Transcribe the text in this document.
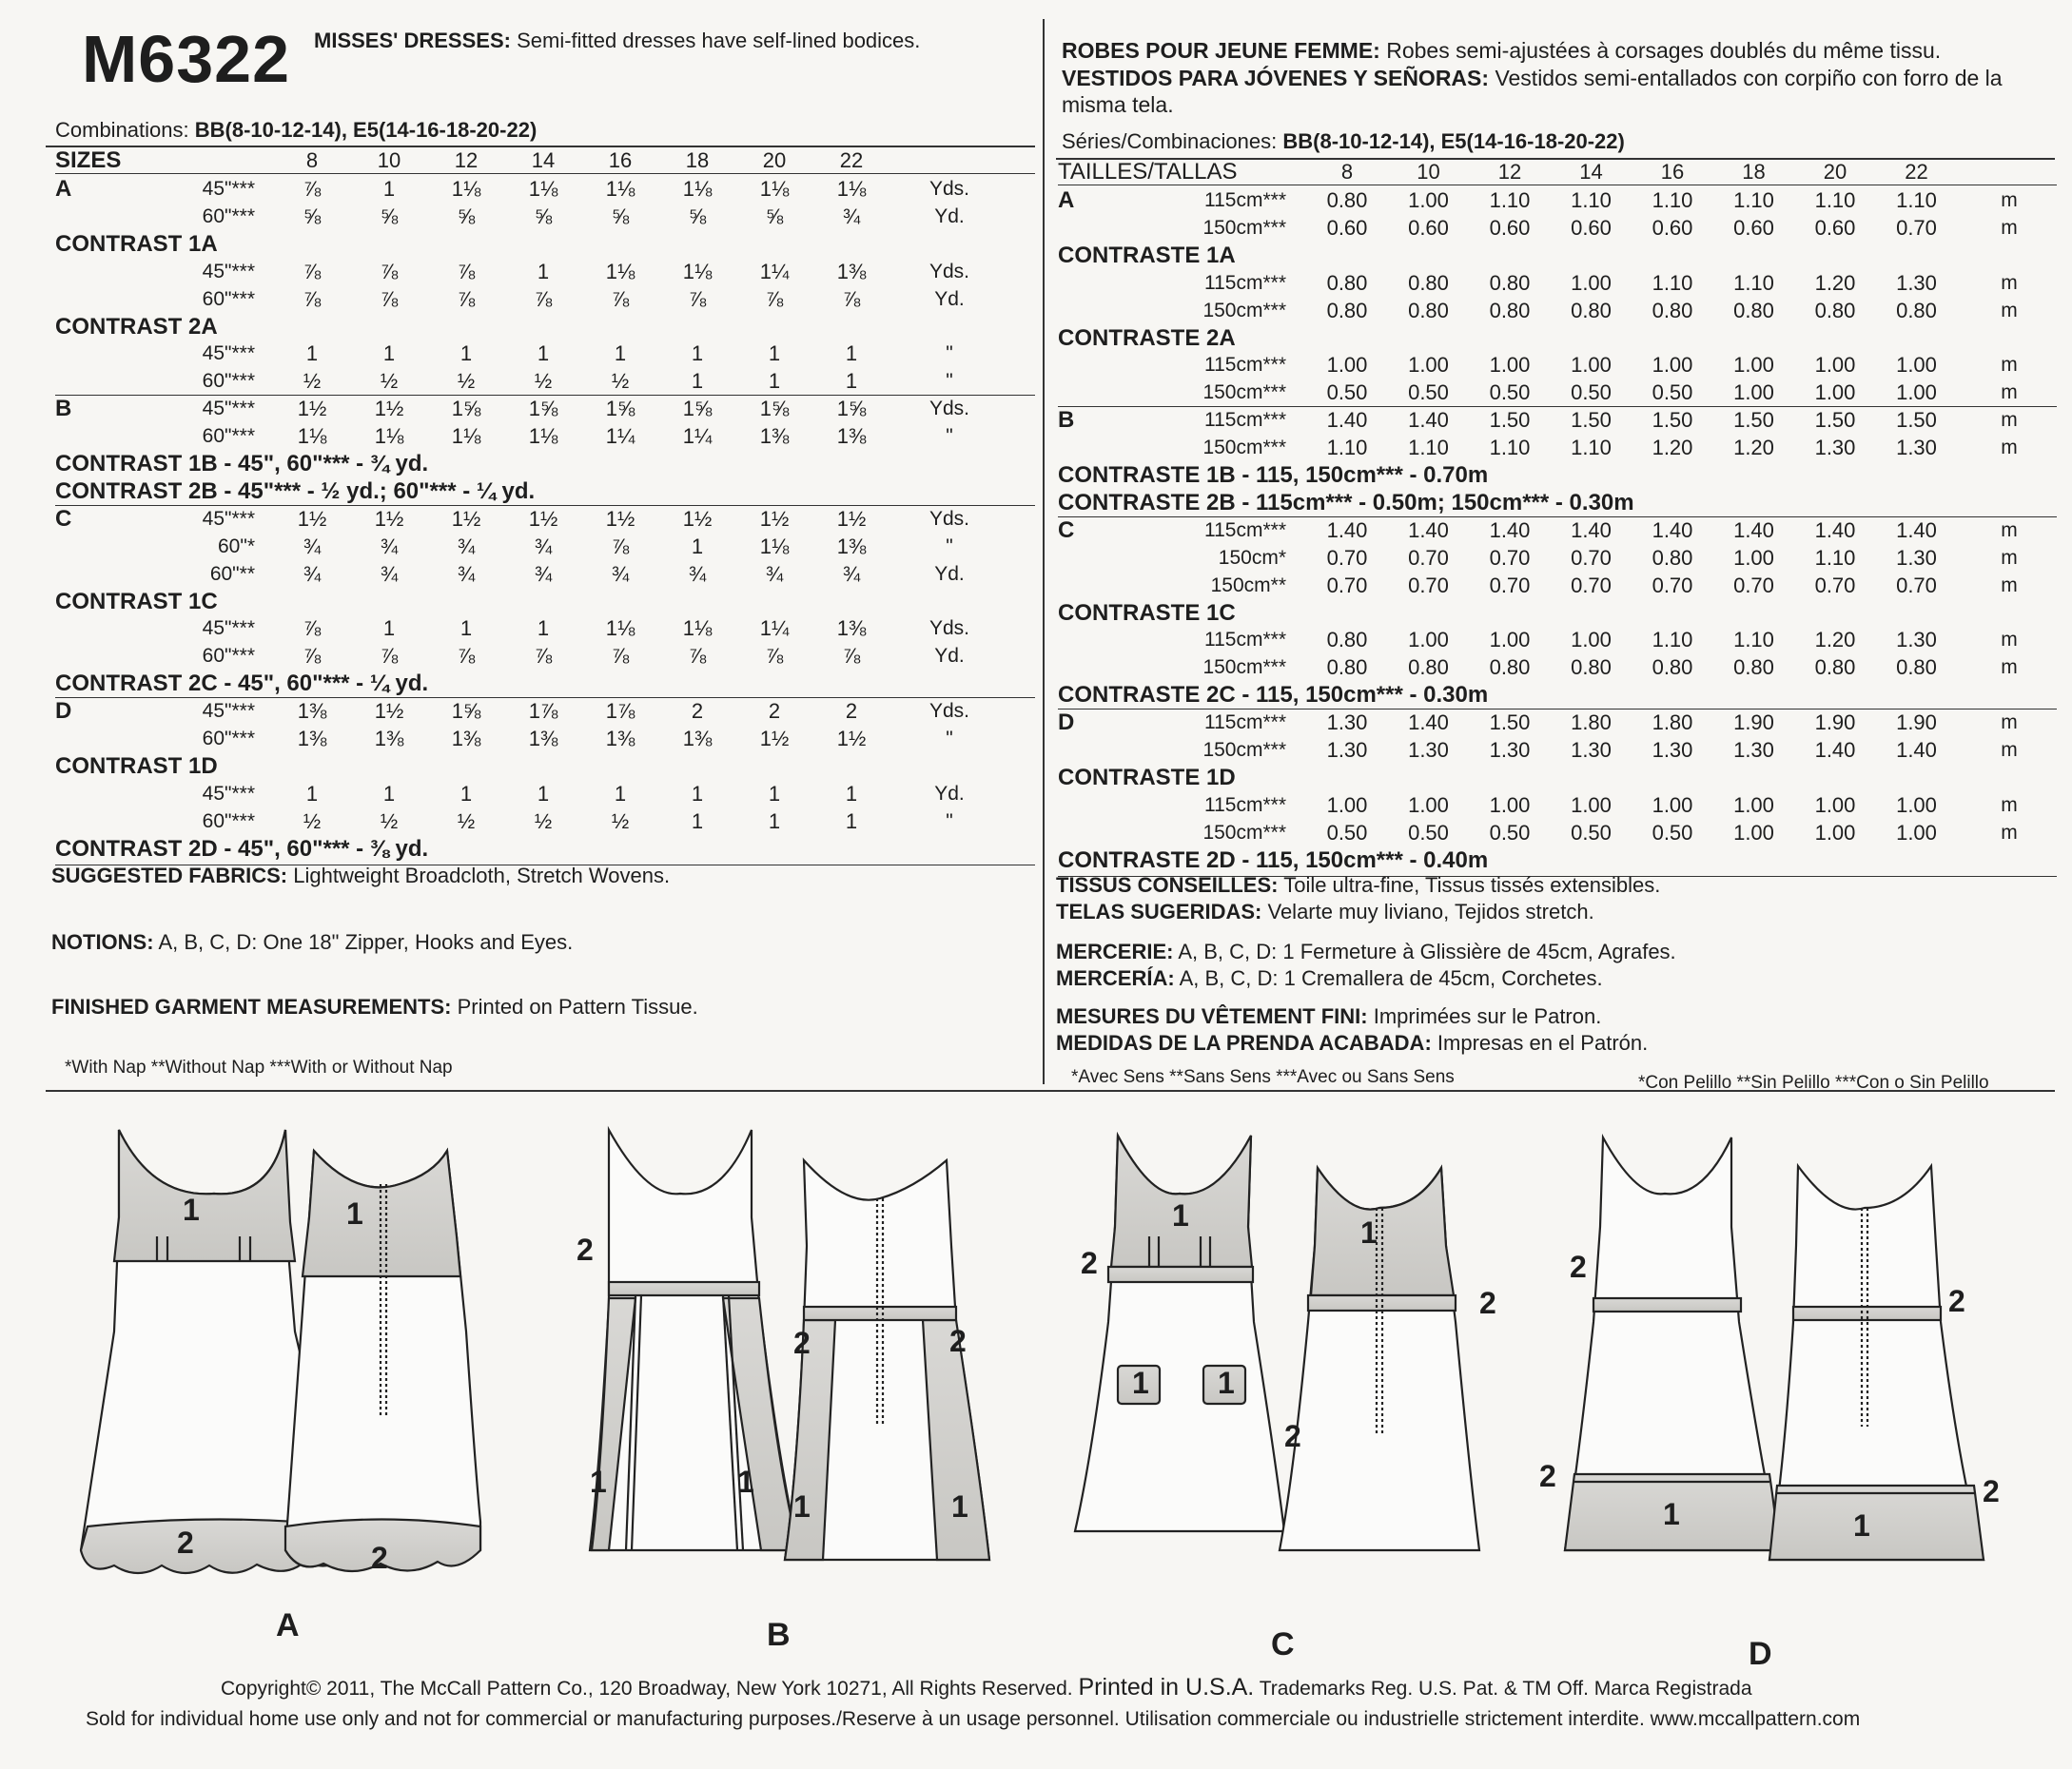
M6322 MISSES' DRESSES: Semi-fitted dresses have self-lined bodices.
Combinations: BB(8-10-12-14), E5(14-16-18-20-22)
ROBES POUR JEUNE FEMME: Robes semi-ajustées à corsages doublés du même tissu.
VESTIDOS PARA JÓVENES Y SEÑORAS: Vestidos semi-entallados con corpiño con forro de la misma tela.
Séries/Combinaciones: BB(8-10-12-14), E5(14-16-18-20-22)
SIZES	8	10	12	14	16	18	20	22
A	45"***	⅞	1	1⅛	1⅛	1⅛	1⅛	1⅛	1⅛	Yds.
60"***	⅝	⅝	⅝	⅝	⅝	⅝	⅝	¾	Yd.
CONTRAST 1A
45"***	⅞	⅞	⅞	1	1⅛	1⅛	1¼	1⅜	Yds.
60"***	⅞	⅞	⅞	⅞	⅞	⅞	⅞	⅞	Yd.
CONTRAST 2A
45"***	1	1	1	1	1	1	1	1	"
60"***	½	½	½	½	½	1	1	1	"
B	45"***	1½	1½	1⅝	1⅝	1⅝	1⅝	1⅝	1⅝	Yds.
60"***	1⅛	1⅛	1⅛	1⅛	1¼	1¼	1⅜	1⅜	"
CONTRAST 1B - 45", 60"*** - ¾ yd.
CONTRAST 2B - 45"*** - ½ yd.; 60"*** - ¼ yd.
C	45"***	1½	1½	1½	1½	1½	1½	1½	1½	Yds.
60"*	¾	¾	¾	¾	⅞	1	1⅛	1⅜	"
60"**	¾	¾	¾	¾	¾	¾	¾	¾	Yd.
CONTRAST 1C
45"***	⅞	1	1	1	1⅛	1⅛	1¼	1⅜	Yds.
60"***	⅞	⅞	⅞	⅞	⅞	⅞	⅞	⅞	Yd.
CONTRAST 2C - 45", 60"*** - ¼ yd.
D	45"***	1⅜	1½	1⅝	1⅞	1⅞	2	2	2	Yds.
60"***	1⅜	1⅜	1⅜	1⅜	1⅜	1⅜	1½	1½	"
CONTRAST 1D
45"***	1	1	1	1	1	1	1	1	Yd.
60"***	½	½	½	½	½	1	1	1	"
CONTRAST 2D - 45", 60"*** - ⅜ yd.
TAILLES/TALLAS	8	10	12	14	16	18	20	22
A	115cm***	0.80	1.00	1.10	1.10	1.10	1.10	1.10	1.10	m
150cm***	0.60	0.60	0.60	0.60	0.60	0.60	0.60	0.70	m
CONTRASTE 1A
115cm***	0.80	0.80	0.80	1.00	1.10	1.10	1.20	1.30	m
150cm***	0.80	0.80	0.80	0.80	0.80	0.80	0.80	0.80	m
CONTRASTE 2A
115cm***	1.00	1.00	1.00	1.00	1.00	1.00	1.00	1.00	m
150cm***	0.50	0.50	0.50	0.50	0.50	1.00	1.00	1.00	m
B	115cm***	1.40	1.40	1.50	1.50	1.50	1.50	1.50	1.50	m
150cm***	1.10	1.10	1.10	1.10	1.20	1.20	1.30	1.30	m
CONTRASTE 1B - 115, 150cm*** - 0.70m
CONTRASTE 2B - 115cm*** - 0.50m; 150cm*** - 0.30m
C	115cm***	1.40	1.40	1.40	1.40	1.40	1.40	1.40	1.40	m
150cm*	0.70	0.70	0.70	0.70	0.80	1.00	1.10	1.30	m
150cm**	0.70	0.70	0.70	0.70	0.70	0.70	0.70	0.70	m
CONTRASTE 1C
115cm***	0.80	1.00	1.00	1.00	1.10	1.10	1.20	1.30	m
150cm***	0.80	0.80	0.80	0.80	0.80	0.80	0.80	0.80	m
CONTRASTE 2C - 115, 150cm*** - 0.30m
D	115cm***	1.30	1.40	1.50	1.80	1.80	1.90	1.90	1.90	m
150cm***	1.30	1.30	1.30	1.30	1.30	1.30	1.40	1.40	m
CONTRASTE 1D
115cm***	1.00	1.00	1.00	1.00	1.00	1.00	1.00	1.00	m
150cm***	0.50	0.50	0.50	0.50	0.50	1.00	1.00	1.00	m
CONTRASTE 2D - 115, 150cm*** - 0.40m
SUGGESTED FABRICS: Lightweight Broadcloth, Stretch Wovens.
NOTIONS: A, B, C, D: One 18" Zipper, Hooks and Eyes.
FINISHED GARMENT MEASUREMENTS: Printed on Pattern Tissue.
*With Nap **Without Nap ***With or Without Nap
TISSUS CONSEILLES: Toile ultra-fine, Tissus tissés extensibles.
TELAS SUGERIDAS: Velarte muy liviano, Tejidos stretch.
MERCERIE: A, B, C, D: 1 Fermeture à Glissière de 45cm, Agrafes.
MERCERÍA: A, B, C, D: 1 Cremallera de 45cm, Corchetes.
MESURES DU VÊTEMENT FINI: Imprimées sur le Patron.
MEDIDAS DE LA PRENDA ACABADA: Impresas en el Patrón.
*Avec Sens **Sans Sens ***Avec ou Sans Sens	*Con Pelillo **Sin Pelillo ***Con o Sin Pelillo
1	1
2	2
2
1	1
2	2
1	1
1
2
1 1
1
2
2
2
2
1
2
2
1
A	B	C	D
Copyright© 2011, The McCall Pattern Co., 120 Broadway, New York 10271, All Rights Reserved. Printed in U.S.A. Trademarks Reg. U.S. Pat. & TM Off. Marca Registrada
Sold for individual home use only and not for commercial or manufacturing purposes./Reserve à un usage personnel. Utilisation commerciale ou industrielle strictement interdite. www.mccallpattern.com
